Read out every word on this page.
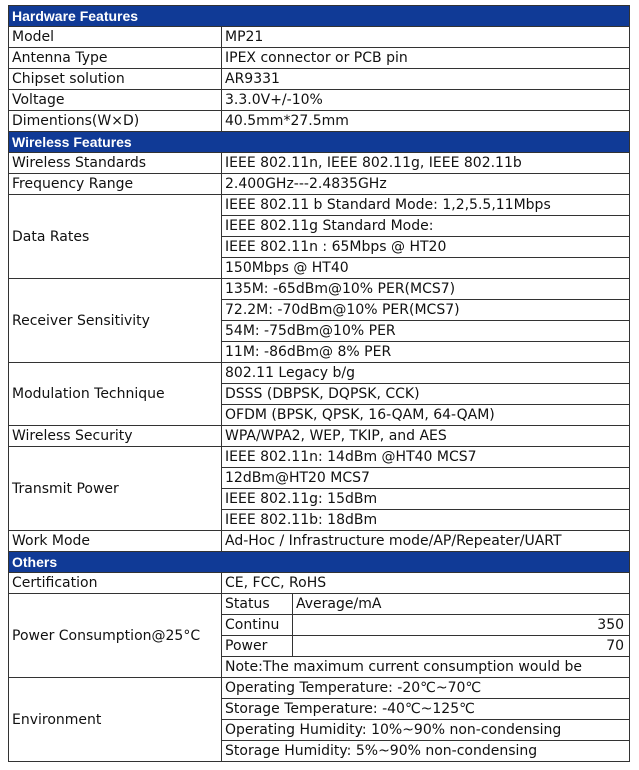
Hardware Features		
Model	MP21	
Antenna Type	IPEX connector or PCB pin	
Chipset solution	AR9331	
Voltage	3.3.0V+/-10%	
Dimentions(W×D)	40.5mm*27.5mm	
Wireless Features		
Wireless Standards	IEEE 802.11n, IEEE 802.11g, IEEE 802.11b	
Frequency Range	2.400GHz---2.4835GHz	
Data Rates	IEEE 802.11 b Standard Mode: 1,2,5.5,11Mbps	
	IEEE 802.11g Standard Mode:	
	IEEE 802.11n : 65Mbps @ HT20	
	150Mbps @ HT40	
Receiver Sensitivity	135M: -65dBm@10% PER(MCS7)	
	72.2M: -70dBm@10% PER(MCS7)	
	54M: -75dBm@10% PER	
	11M: -86dBm@ 8% PER	
Modulation Technique	802.11 Legacy b/g	
	DSSS (DBPSK, DQPSK, CCK)	
	OFDM (BPSK, QPSK, 16-QAM, 64-QAM)	
Wireless Security	WPA/WPA2, WEP, TKIP, and AES	
Transmit Power	IEEE 802.11n: 14dBm @HT40 MCS7	
	12dBm@HT20 MCS7	
	IEEE 802.11g: 15dBm	
	IEEE 802.11b: 18dBm	
Work Mode	Ad-Hoc / Infrastructure mode/AP/Repeater/UART	
Others		
Certification	CE, FCC, RoHS	
Power Consumption@25°C	Status	Average/mA
	Continu	350
	Power	70
	Note:The maximum current consumption would be	
Environment	Operating Temperature: -20℃~70℃	
	Storage Temperature: -40℃~125℃	
	Operating Humidity: 10%~90% non-condensing	
	Storage Humidity: 5%~90% non-condensing	
